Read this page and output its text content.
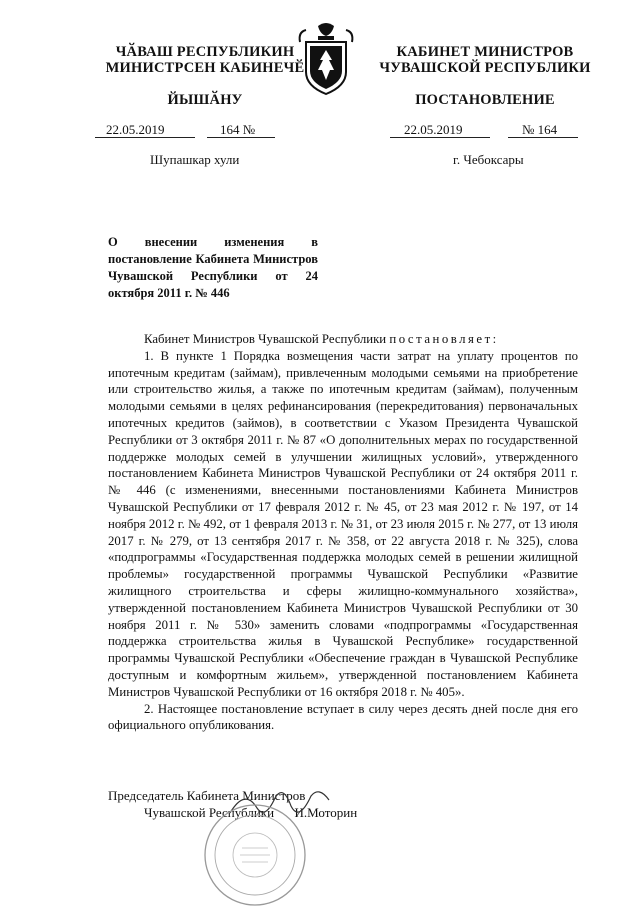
ЧӐВАШ РЕСПУБЛИКИН
МИНИСТРСЕН КАБИНЕЧӖ
ЙЫШӐНУ
КАБИНЕТ МИНИСТРОВ
ЧУВАШСКОЙ РЕСПУБЛИКИ
ПОСТАНОВЛЕНИЕ
22.05.2019	164 №	22.05.2019	№ 164
Шупашкар хули	г. Чебоксары
О внесении изменения в постановление Кабинета Министров Чувашской Республики от 24 октября 2011 г. № 446

Кабинет Министров Чувашской Республики постановляет:

1. В пункте 1 Порядка возмещения части затрат на уплату процентов по ипотечным кредитам (займам), привлеченным молодыми семьями на приобретение или строительство жилья, а также по ипотечным кредитам (займам), полученным молодыми семьями в целях рефинансирования (перекредитования) первоначальных ипотечных кредитов (займов), в соответствии с Указом Президента Чувашской Республики от 3 октября 2011 г. № 87 «О дополнительных мерах по государственной поддержке молодых семей в улучшении жилищных условий», утвержденного постановлением Кабинета Министров Чувашской Республики от 24 октября 2011 г. № 446 (с изменениями, внесенными постановлениями Кабинета Министров Чувашской Республики от 17 февраля 2012 г. № 45, от 23 мая 2012 г. № 197, от 14 ноября 2012 г. № 492, от 1 февраля 2013 г. № 31, от 23 июля 2015 г. № 277, от 13 июля 2017 г. № 279, от 13 сентября 2017 г. № 358, от 22 августа 2018 г. № 325), слова «подпрограммы «Государственная поддержка молодых семей в решении жилищной проблемы» государственной программы Чувашской Республики «Развитие жилищного строительства и сферы жилищно-коммунального хозяйства», утвержденной постановлением Кабинета Министров Чувашской Республики от 30 ноября 2011 г. № 530» заменить словами «подпрограммы «Государственная поддержка строительства жилья в Чувашской Республике» государственной программы Чувашской Республики «Обеспечение граждан в Чувашской Республике доступным и комфортным жильем», утвержденной постановлением Кабинета Министров Чувашской Республики от 16 октября 2018 г. № 405».

2. Настоящее постановление вступает в силу через десять дней после дня его официального опубликования.

Председатель Кабинета Министров
Чувашской Республики И.Моторин
